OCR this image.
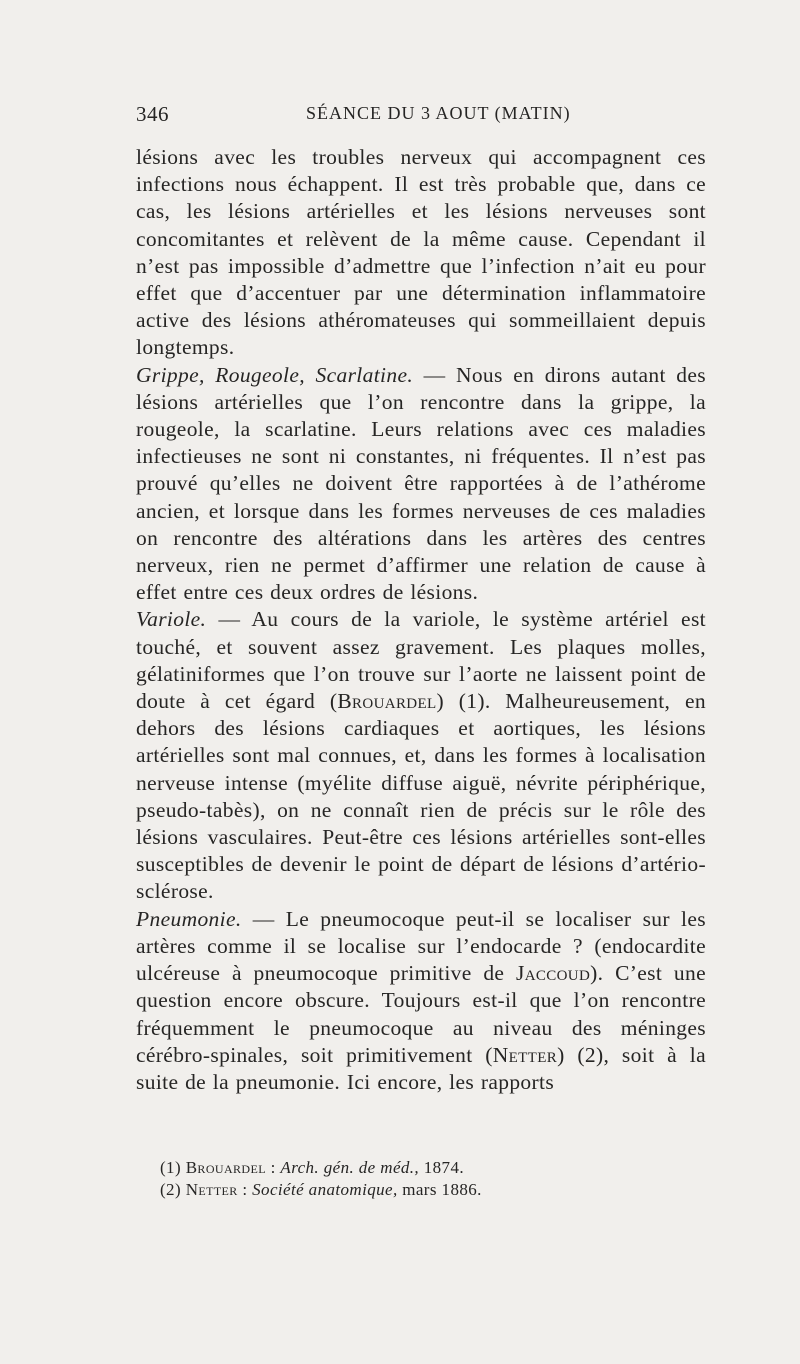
346	SÉANCE DU 3 AOUT (MATIN)

lésions avec les troubles nerveux qui accompagnent ces infections nous échappent. Il est très probable que, dans ce cas, les lésions artérielles et les lésions nerveuses sont concomitantes et relèvent de la même cause. Cependant il n’est pas impossible d’admettre que l’infection n’ait eu pour effet que d’accentuer par une détermination inflammatoire active des lésions athéromateuses qui sommeillaient depuis longtemps.

Grippe, Rougeole, Scarlatine. — Nous en dirons autant des lésions artérielles que l’on rencontre dans la grippe, la rougeole, la scarlatine. Leurs relations avec ces maladies infectieuses ne sont ni constantes, ni fréquentes. Il n’est pas prouvé qu’elles ne doivent être rapportées à de l’athérome ancien, et lorsque dans les formes nerveuses de ces maladies on rencontre des altérations dans les artères des centres nerveux, rien ne permet d’affirmer une relation de cause à effet entre ces deux ordres de lésions.

Variole. — Au cours de la variole, le système artériel est touché, et souvent assez gravement. Les plaques molles, gélatiniformes que l’on trouve sur l’aorte ne laissent point de doute à cet égard (Brouardel) (1). Malheureusement, en dehors des lésions cardiaques et aortiques, les lésions artérielles sont mal connues, et, dans les formes à localisation nerveuse intense (myélite diffuse aiguë, névrite périphérique, pseudo-tabès), on ne connaît rien de précis sur le rôle des lésions vasculaires. Peut-être ces lésions artérielles sont-elles susceptibles de devenir le point de départ de lésions d’artério-sclérose.

Pneumonie. — Le pneumocoque peut-il se localiser sur les artères comme il se localise sur l’endocarde ? (endocardite ulcéreuse à pneumocoque primitive de Jaccoud). C’est une question encore obscure. Toujours est-il que l’on rencontre fréquemment le pneumocoque au niveau des méninges cérébro-spinales, soit primitivement (Netter) (2), soit à la suite de la pneumonie. Ici encore, les rapports

(1) Brouardel : Arch. gén. de méd., 1874.

(2) Netter : Société anatomique, mars 1886.
